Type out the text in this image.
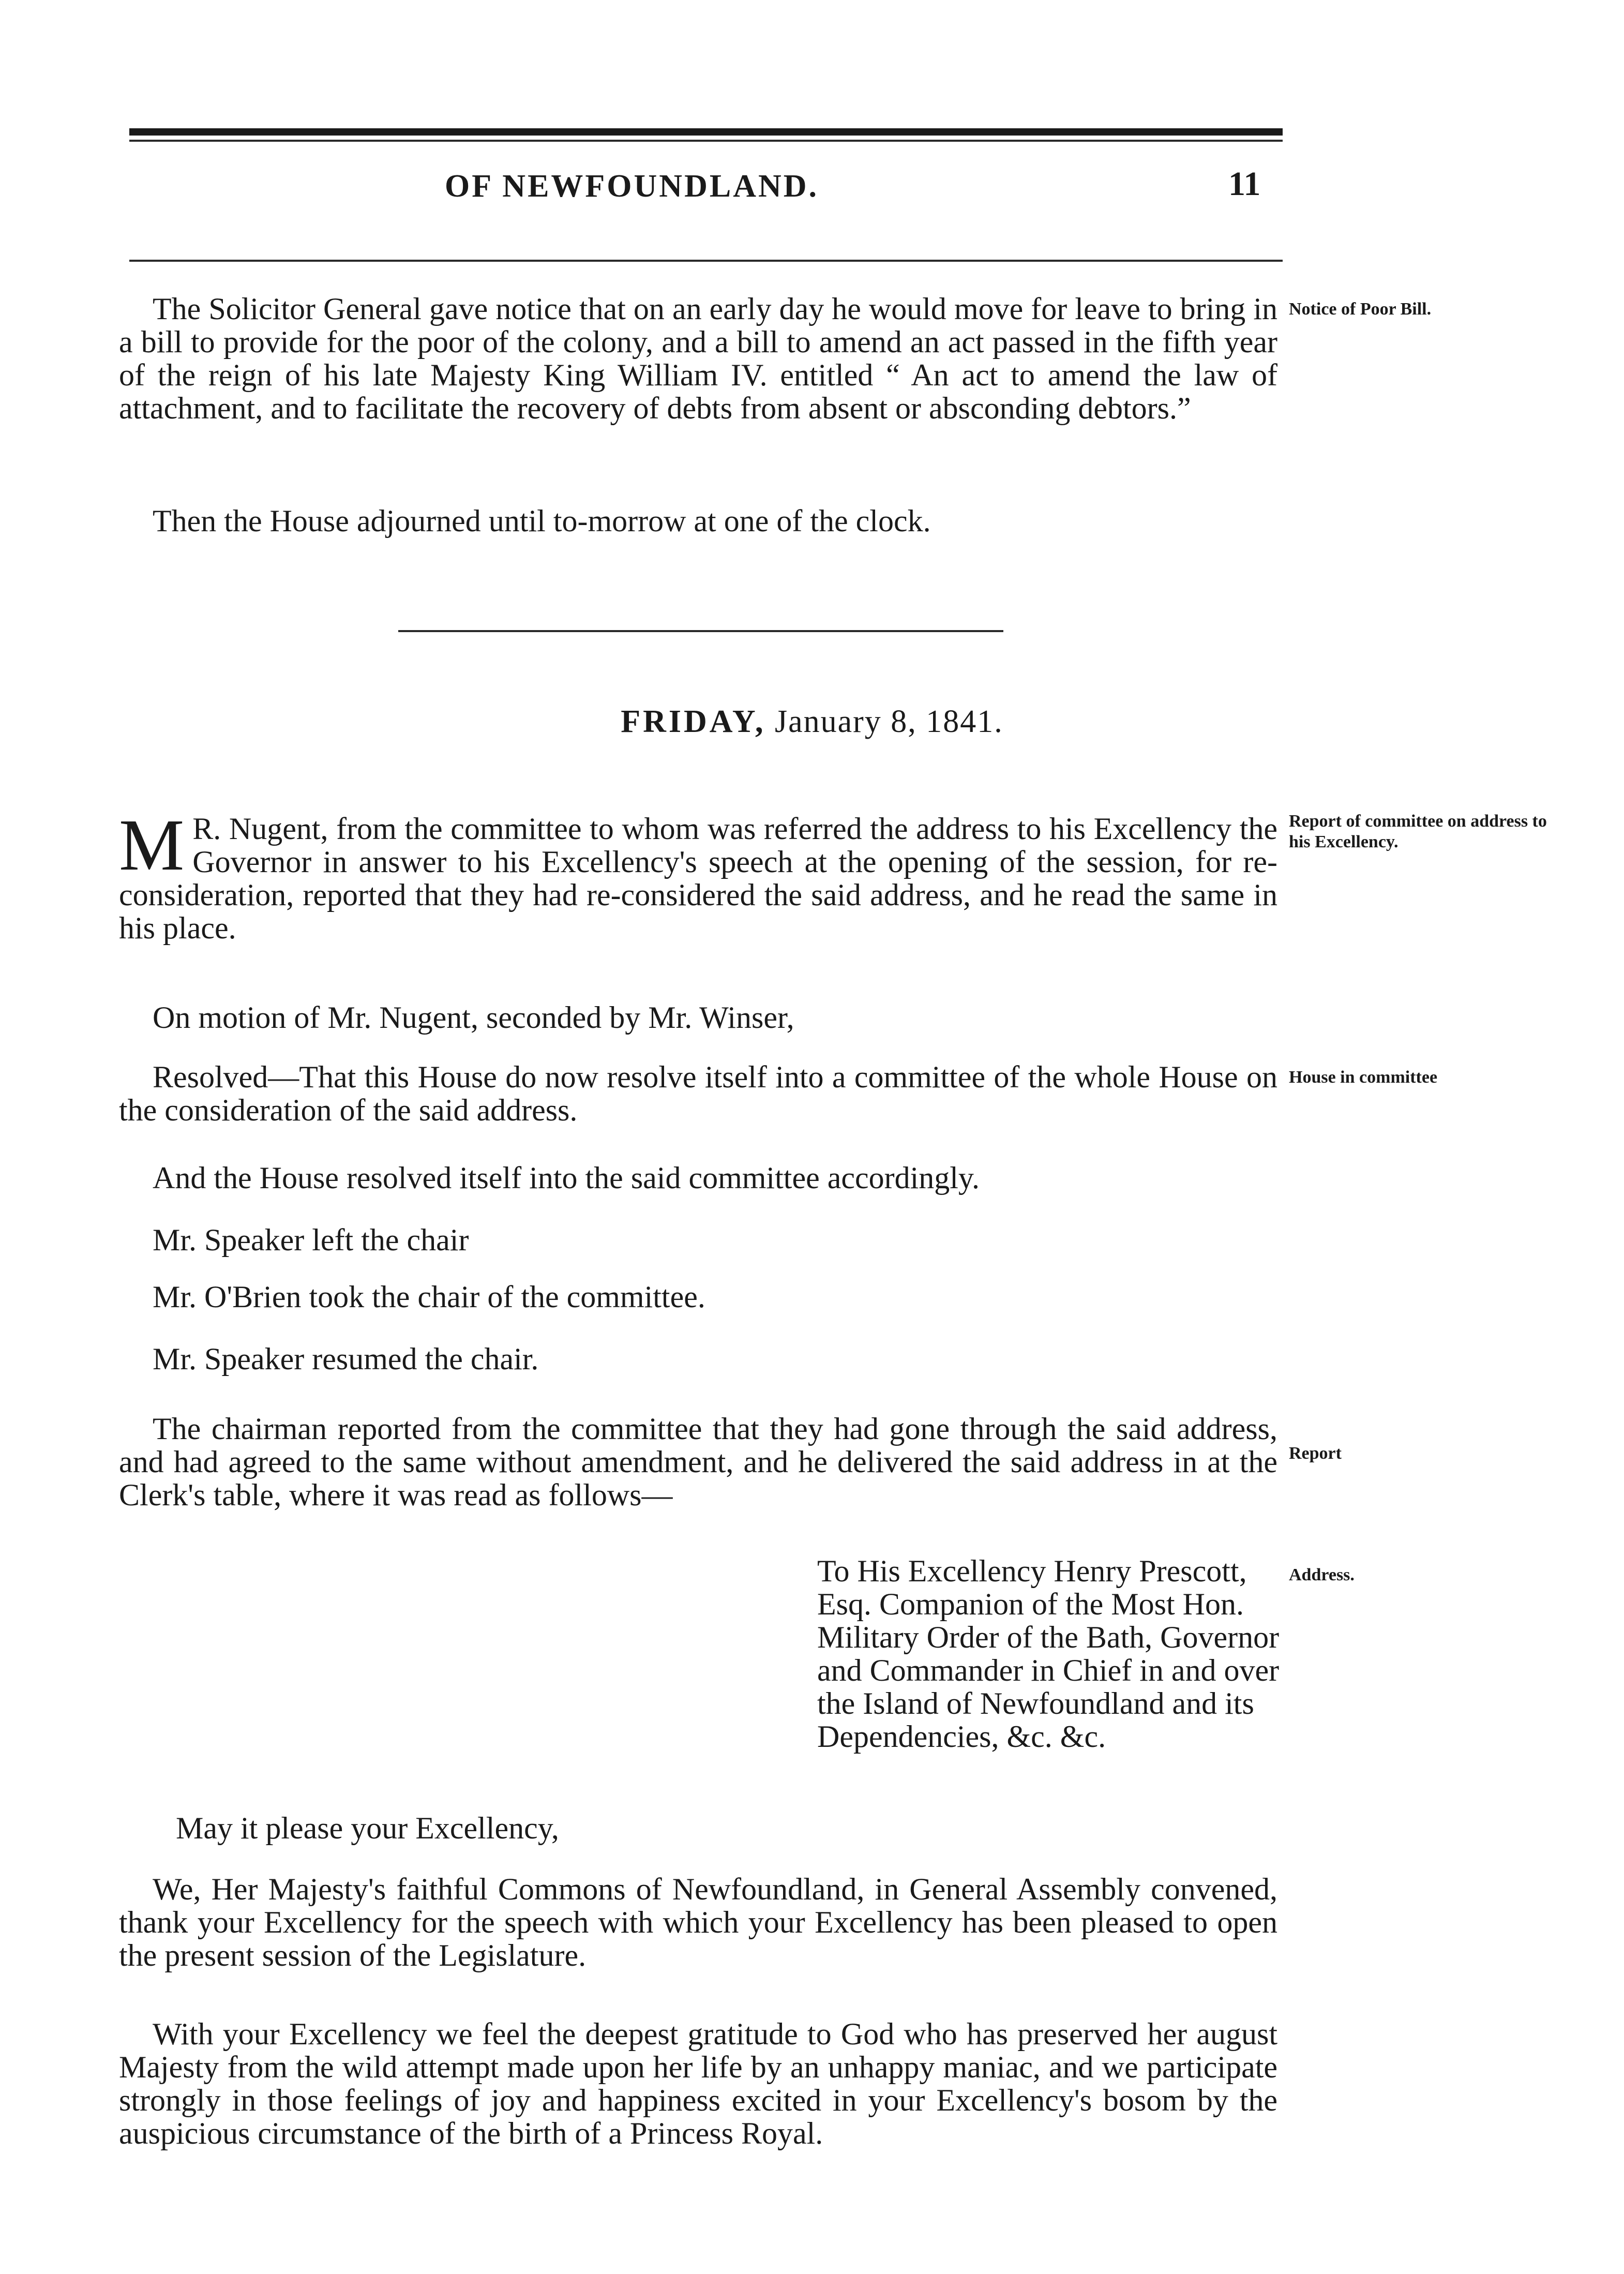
OF NEWFOUNDLAND.	11
The Solicitor General gave notice that on an early day he would move for leave to bring in a bill to provide for the poor of the colony, and a bill to amend an act passed in the fifth year of the reign of his late Majesty King William IV. entitled “ An act to amend the law of attachment, and to facilitate the recovery of debts from absent or absconding debtors.”
Notice of Poor Bill.
Then the House adjourned until to-morrow at one of the clock.
FRIDAY, January 8, 1841.
M R. Nugent, from the committee to whom was referred the address to his Excellency the Governor in answer to his Excellency's speech at the opening of the session, for re-consideration, reported that they had re-considered the said address, and he read the same in his place.
Report of committee on address to his Excellency.
On motion of Mr. Nugent, seconded by Mr. Winser,
Resolved—That this House do now resolve itself into a committee of the whole House on the consideration of the said address.
House in committee
And the House resolved itself into the said committee accordingly.
Mr. Speaker left the chair
Mr. O'Brien took the chair of the committee.
Mr. Speaker resumed the chair.
The chairman reported from the committee that they had gone through the said address, and had agreed to the same without amendment, and he delivered the said address in at the Clerk's table, where it was read as follows—
Report
To His Excellency Henry Prescott, Esq. Companion of the Most Hon. Military Order of the Bath, Governor and Commander in Chief in and over the Island of Newfoundland and its Dependencies, &c. &c.
Address.
May it please your Excellency,
We, Her Majesty's faithful Commons of Newfoundland, in General Assembly convened, thank your Excellency for the speech with which your Excellency has been pleased to open the present session of the Legislature.
With your Excellency we feel the deepest gratitude to God who has preserved her august Majesty from the wild attempt made upon her life by an unhappy maniac, and we participate strongly in those feelings of joy and happiness excited in your Excellency's bosom by the auspicious circumstance of the birth of a Princess Royal.
